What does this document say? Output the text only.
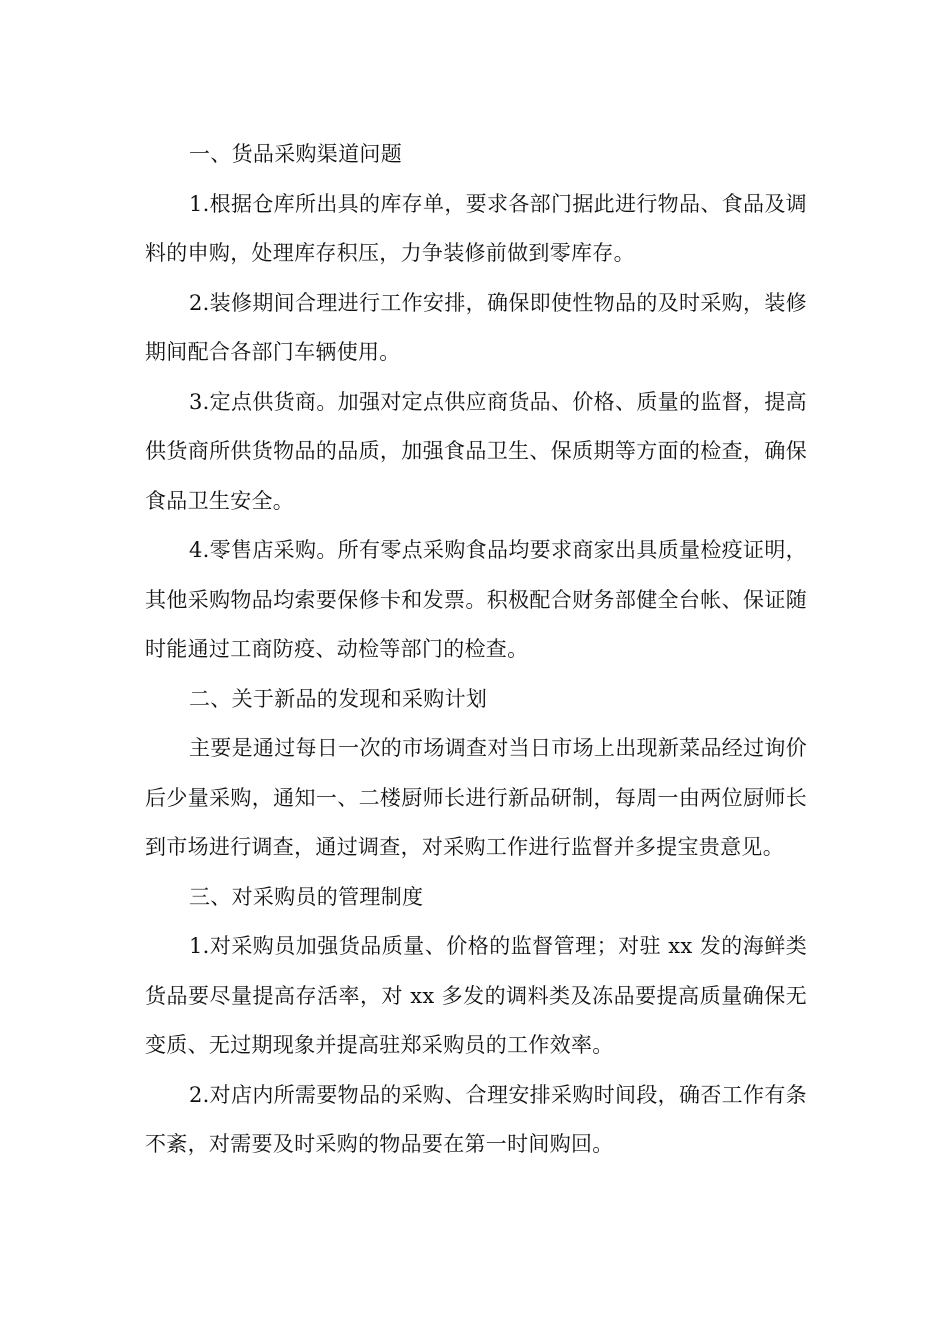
一、货品采购渠道问题

1.根据仓库所出具的库存单，要求各部门据此进行物品、食品及调料的申购，处理库存积压，力争装修前做到零库存。

2.装修期间合理进行工作安排，确保即使性物品的及时采购，装修期间配合各部门车辆使用。

3.定点供货商。加强对定点供应商货品、价格、质量的监督，提高供货商所供货物品的品质，加强食品卫生、保质期等方面的检查，确保食品卫生安全。

4.零售店采购。所有零点采购食品均要求商家出具质量检疫证明，其他采购物品均索要保修卡和发票。积极配合财务部健全台帐、保证随时能通过工商防疫、动检等部门的检查。

二、关于新品的发现和采购计划

主要是通过每日一次的市场调查对当日市场上出现新菜品经过询价后少量采购，通知一、二楼厨师长进行新品研制，每周一由两位厨师长到市场进行调查，通过调查，对采购工作进行监督并多提宝贵意见。

三、对采购员的管理制度

1.对采购员加强货品质量、价格的监督管理；对驻 xx 发的海鲜类货品要尽量提高存活率，对 xx 多发的调料类及冻品要提高质量确保无变质、无过期现象并提高驻郑采购员的工作效率。

2.对店内所需要物品的采购、合理安排采购时间段，确否工作有条不紊，对需要及时采购的物品要在第一时间购回。
